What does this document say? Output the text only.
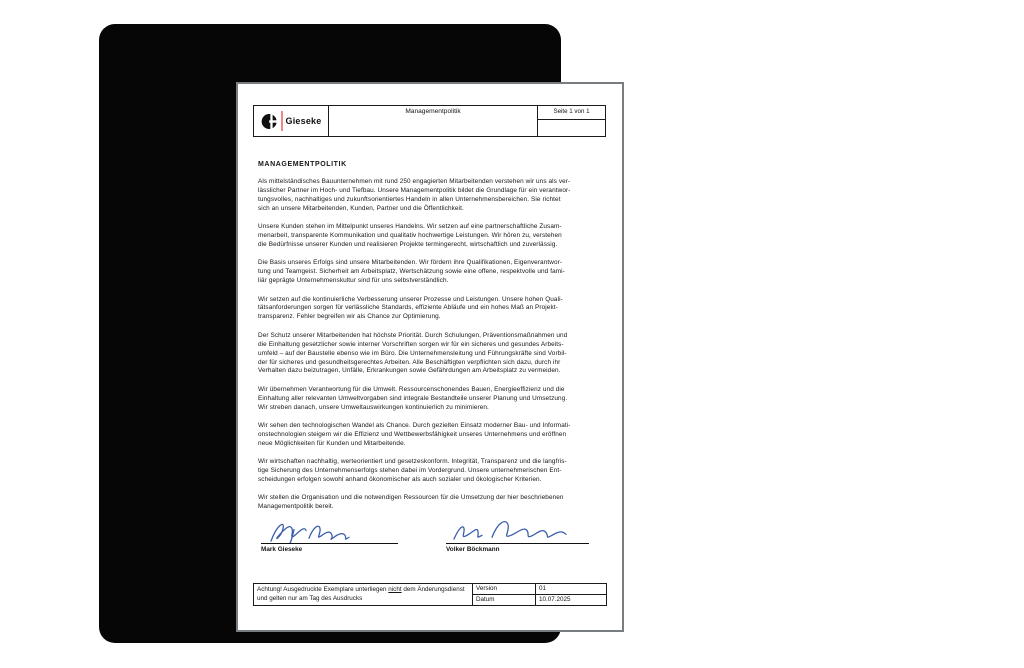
Gieseke
Managementpolitik	Seite 1 von 1
MANAGEMENTPOLITIK
Als mittelständisches Bauunternehmen mit rund 250 engagierten Mitarbeitenden verstehen wir uns als ver-
lässlicher Partner im Hoch- und Tiefbau. Unsere Managementpolitik bildet die Grundlage für ein verantwor-
tungsvolles, nachhaltiges und zukunftsorientiertes Handeln in allen Unternehmensbereichen. Sie richtet
sich an unsere Mitarbeitenden, Kunden, Partner und die Öffentlichkeit.
Unsere Kunden stehen im Mittelpunkt unseres Handelns. Wir setzen auf eine partnerschaftliche Zusam-
menarbeit, transparente Kommunikation und qualitativ hochwertige Leistungen. Wir hören zu, verstehen
die Bedürfnisse unserer Kunden und realisieren Projekte termingerecht, wirtschaftlich und zuverlässig.
Die Basis unseres Erfolgs sind unsere Mitarbeitenden. Wir fördern ihre Qualifikationen, Eigenverantwor-
tung und Teamgeist. Sicherheit am Arbeitsplatz, Wertschätzung sowie eine offene, respektvolle und fami-
liär geprägte Unternehmenskultur sind für uns selbstverständlich.
Wir setzen auf die kontinuierliche Verbesserung unserer Prozesse und Leistungen. Unsere hohen Quali-
tätsanforderungen sorgen für verlässliche Standards, effiziente Abläufe und ein hohes Maß an Projekt-
transparenz. Fehler begreifen wir als Chance zur Optimierung.
Der Schutz unserer Mitarbeitenden hat höchste Priorität. Durch Schulungen, Präventionsmaßnahmen und
die Einhaltung gesetzlicher sowie interner Vorschriften sorgen wir für ein sicheres und gesundes Arbeits-
umfeld – auf der Baustelle ebenso wie im Büro. Die Unternehmensleitung und Führungskräfte sind Vorbil-
der für sicheres und gesundheitsgerechtes Arbeiten. Alle Beschäftigten verpflichten sich dazu, durch ihr
Verhalten dazu beizutragen, Unfälle, Erkrankungen sowie Gefährdungen am Arbeitsplatz zu vermeiden.
Wir übernehmen Verantwortung für die Umwelt. Ressourcenschonendes Bauen, Energieeffizienz und die
Einhaltung aller relevanten Umweltvorgaben sind integrale Bestandteile unserer Planung und Umsetzung.
Wir streben danach, unsere Umweltauswirkungen kontinuierlich zu minimieren.
Wir sehen den technologischen Wandel als Chance. Durch gezielten Einsatz moderner Bau- und Informati-
onstechnologien steigern wir die Effizienz und Wettbewerbsfähigkeit unseres Unternehmens und eröffnen
neue Möglichkeiten für Kunden und Mitarbeitende.
Wir wirtschaften nachhaltig, werteorientiert und gesetzeskonform. Integrität, Transparenz und die langfris-
tige Sicherung des Unternehmenserfolgs stehen dabei im Vordergrund. Unsere unternehmerischen Ent-
scheidungen erfolgen sowohl anhand ökonomischer als auch sozialer und ökologischer Kriterien.
Wir stellen die Organisation und die notwendigen Ressourcen für die Umsetzung der hier beschriebenen
Managementpolitik bereit.
Mark Gieseke	Volker Böckmann
Achtung! Ausgedruckte Exemplare unterliegen nicht dem Änderungsdienst
und gelten nur am Tag des Ausdrucks
Version	01
Datum	10.07.2025
